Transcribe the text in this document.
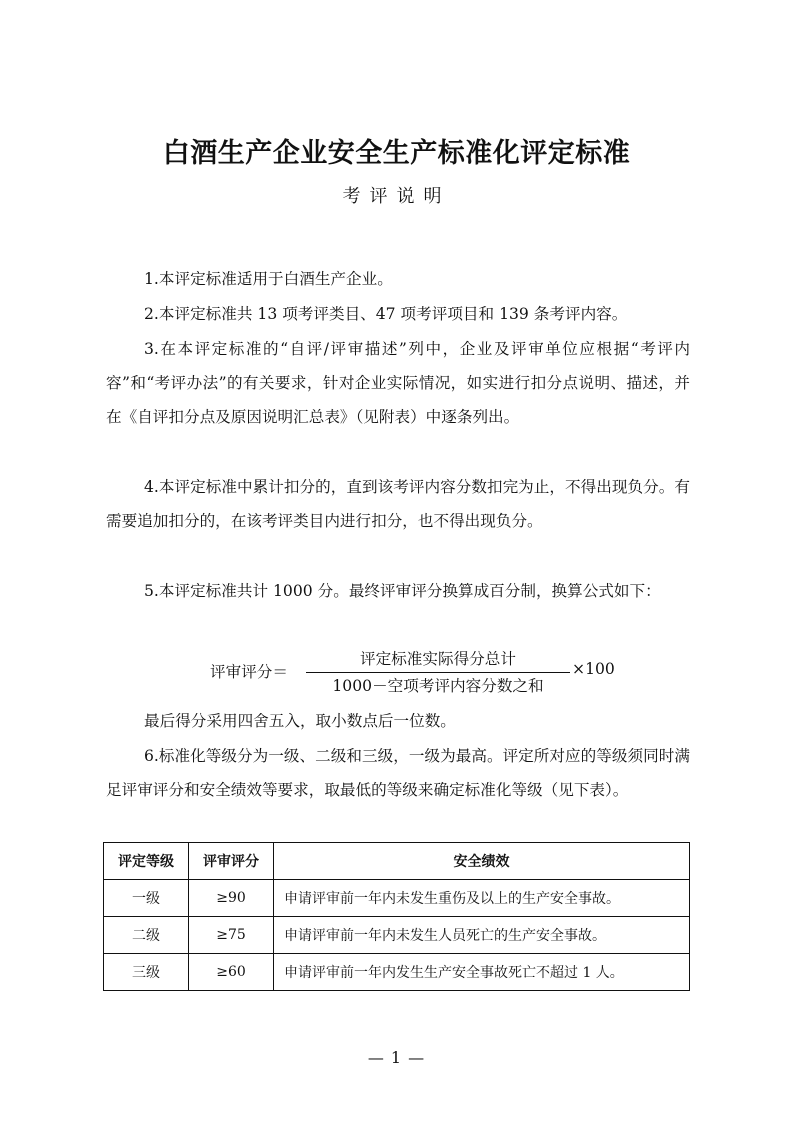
白酒生产企业安全生产标准化评定标准
考评说明

1.本评定标准适用于白酒生产企业。

2.本评定标准共 13 项考评类目、47 项考评项目和 139 条考评内容。

3.在本评定标准的“自评/评审描述”列中，企业及评审单位应根据“考评内容”和“考评办法”的有关要求，针对企业实际情况，如实进行扣分点说明、描述，并在《自评扣分点及原因说明汇总表》（见附表）中逐条列出。

4.本评定标准中累计扣分的，直到该考评内容分数扣完为止，不得出现负分。有需要追加扣分的，在该考评类目内进行扣分，也不得出现负分。

5.本评定标准共计 1000 分。最终评审评分换算成百分制，换算公式如下：

评审评分＝
评定标准实际得分总计
1000－空项考评内容分数之和
×100

最后得分采用四舍五入，取小数点后一位数。

6.标准化等级分为一级、二级和三级，一级为最高。评定所对应的等级须同时满足评审评分和安全绩效等要求，取最低的等级来确定标准化等级（见下表）。

评定等级	评审评分	安全绩效
一级	≥90	申请评审前一年内未发生重伤及以上的生产安全事故。
二级	≥75	申请评审前一年内未发生人员死亡的生产安全事故。
三级	≥60	申请评审前一年内发生生产安全事故死亡不超过 1 人。
— 1 —
